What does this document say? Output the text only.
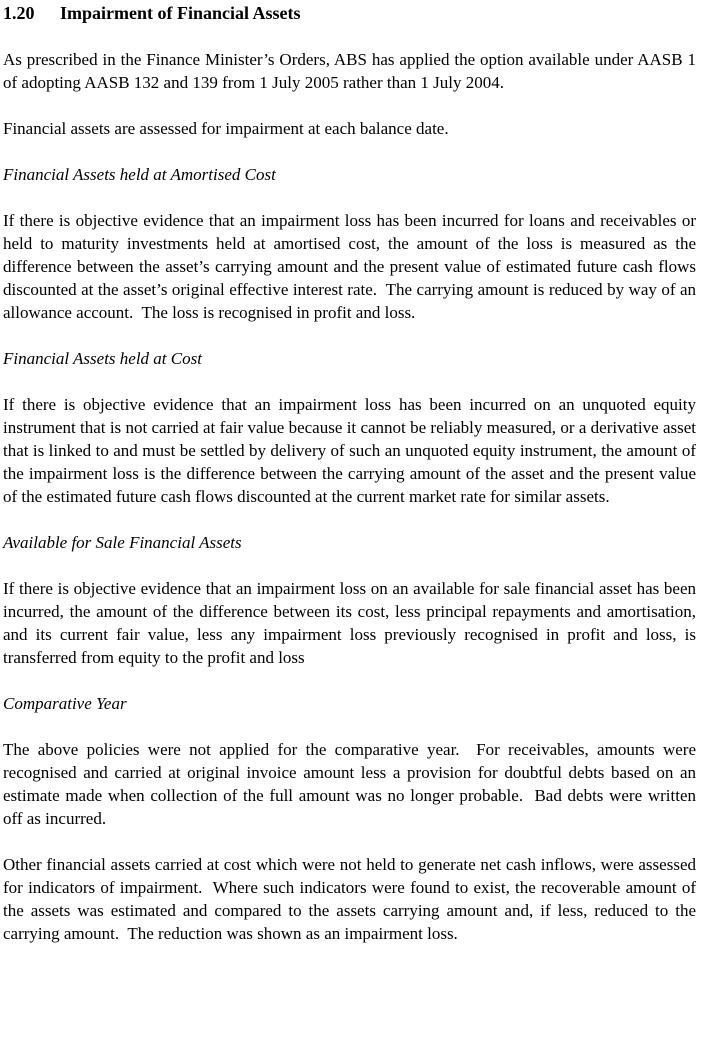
1.20	Impairment of Financial Assets

As prescribed in the Finance Minister’s Orders, ABS has applied the option available under AASB 1 of adopting AASB 132 and 139 from 1 July 2005 rather than 1 July 2004.

Financial assets are assessed for impairment at each balance date.

Financial Assets held at Amortised Cost

If there is objective evidence that an impairment loss has been incurred for loans and receivables or held to maturity investments held at amortised cost, the amount of the loss is measured as the difference between the asset’s carrying amount and the present value of estimated future cash flows discounted at the asset’s original effective interest rate.  The carrying amount is reduced by way of an allowance account.  The loss is recognised in profit and loss.

Financial Assets held at Cost

If there is objective evidence that an impairment loss has been incurred on an unquoted equity instrument that is not carried at fair value because it cannot be reliably measured, or a derivative asset that is linked to and must be settled by delivery of such an unquoted equity instrument, the amount of the impairment loss is the difference between the carrying amount of the asset and the present value of the estimated future cash flows discounted at the current market rate for similar assets.

Available for Sale Financial Assets

If there is objective evidence that an impairment loss on an available for sale financial asset has been incurred, the amount of the difference between its cost, less principal repayments and amortisation, and its current fair value, less any impairment loss previously recognised in profit and loss, is transferred from equity to the profit and loss

Comparative Year

The above policies were not applied for the comparative year.  For receivables, amounts were recognised and carried at original invoice amount less a provision for doubtful debts based on an estimate made when collection of the full amount was no longer probable.  Bad debts were written off as incurred.

Other financial assets carried at cost which were not held to generate net cash inflows, were assessed for indicators of impairment.  Where such indicators were found to exist, the recoverable amount of the assets was estimated and compared to the assets carrying amount and, if less, reduced to the carrying amount.  The reduction was shown as an impairment loss.
